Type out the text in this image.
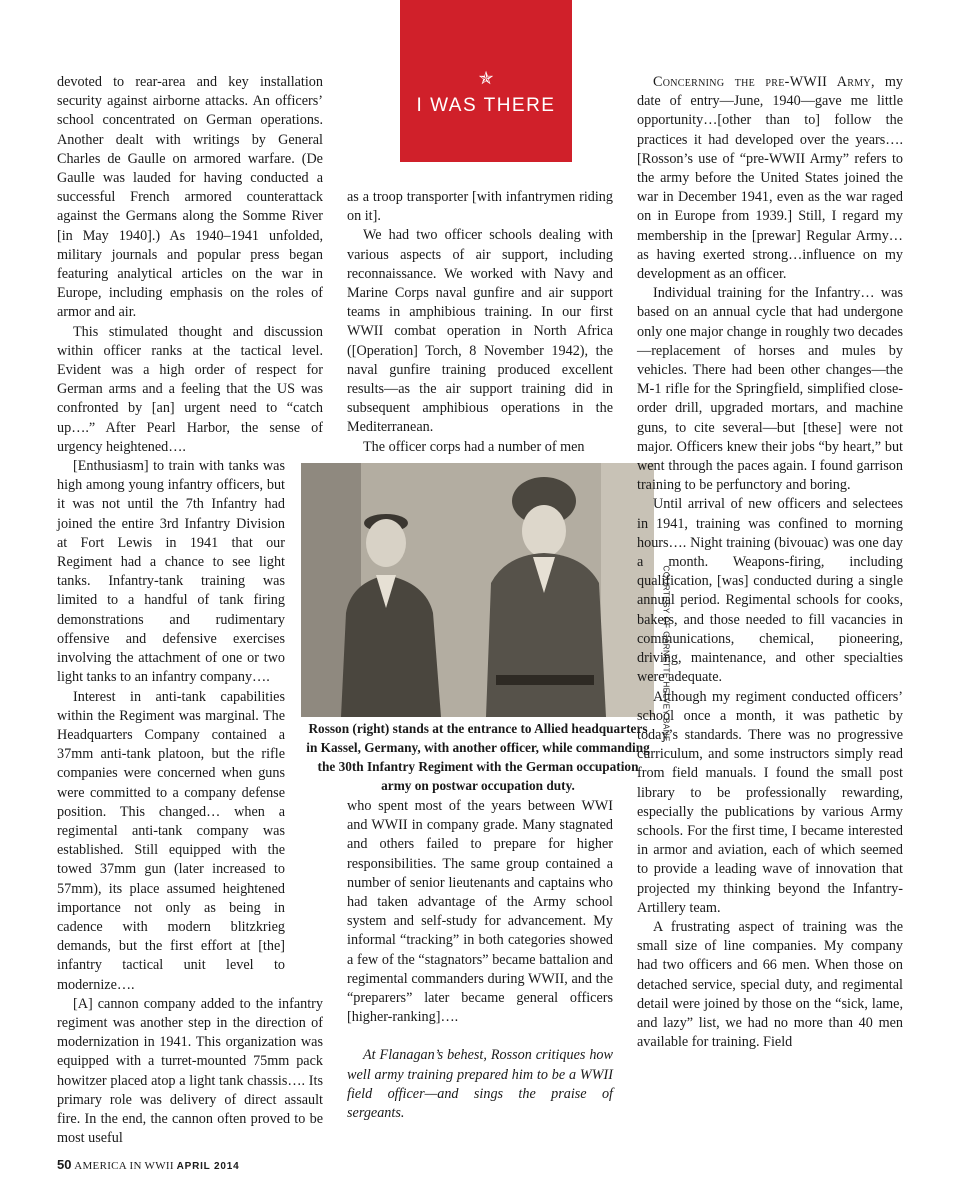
✯
I WAS THERE

devoted to rear-area and key installation security against airborne attacks. An officers’ school concentrated on German operations. Another dealt with writings by General Charles de Gaulle on armored warfare. (De Gaulle was lauded for having conducted a successful French armored counterattack against the Germans along the Somme River [in May 1940].) As 1940–1941 unfolded, military journals and popular press began featuring analytical articles on the war in Europe, including emphasis on the roles of armor and air.

This stimulated thought and discussion within officer ranks at the tactical level. Evident was a high order of respect for German arms and a feeling that the US was confronted by [an] urgent need to “catch up….” After Pearl Harbor, the sense of urgency heightened….

[Enthusiasm] to train with tanks was high among young infantry officers, but it was not until the 7th Infantry had joined the entire 3rd Infantry Division at Fort Lewis in 1941 that our Regiment had a chance to see light tanks. Infantry-tank training was limited to a handful of tank firing demonstrations and rudimentary offensive and defensive exercises involving the attachment of one or two light tanks to an infantry company….

Interest in anti-tank capabilities within the Regiment was marginal. The Headquarters Company contained a 37mm anti-tank platoon, but the rifle companies were concerned when guns were committed to a company defense position. This changed… when a regimental anti-tank company was established. Still equipped with the towed 37mm gun (later increased to 57mm), its place assumed heightened importance not only as being in cadence with modern blitzkrieg demands, but the first effort at [the] infantry tactical unit level to modernize….

[A] cannon company added to the infantry regiment was another step in the direction of modernization in 1941. This organization was equipped with a turret-mounted 75mm pack howitzer placed atop a light tank chassis…. Its primary role was delivery of direct assault fire. In the end, the cannon often proved to be most useful

as a troop transporter [with infantrymen riding on it].

We had two officer schools dealing with various aspects of air support, including reconnaissance. We worked with Navy and Marine Corps naval gunfire and air support teams in amphibious training. In our first WWII combat operation in North Africa ([Operation] Torch, 8 November 1942), the naval gunfire training produced excellent results—as the air support training did in subsequent amphibious operations in the Mediterranean.

The officer corps had a number of men

COURTESY OF GARNETTE HELVEY BANE
Rosson (right) stands at the entrance to Allied headquarters in Kassel, Germany, with another officer, while commanding the 30th Infantry Regiment with the German occupation army on postwar occupation duty.

who spent most of the years between WWI and WWII in company grade. Many stagnated and others failed to prepare for higher responsibilities. The same group contained a number of senior lieutenants and captains who had taken advantage of the Army school system and self-study for advancement. My informal “tracking” in both categories showed a few of the “stagnators” became battalion and regimental commanders during WWII, and the “preparers” later became general officers [higher-ranking]….

At Flanagan’s behest, Rosson critiques how well army training prepared him to be a WWII field officer—and sings the praise of sergeants.

Concerning the pre-WWII Army, my date of entry—June, 1940—gave me little opportunity…[other than to] follow the practices it had developed over the years…. [Rosson’s use of “pre-WWII Army” refers to the army before the United States joined the war in December 1941, even as the war raged on in Europe from 1939.] Still, I regard my membership in the [prewar] Regular Army…as having exerted strong…influence on my development as an officer.

Individual training for the Infantry… was based on an annual cycle that had undergone only one major change in roughly two decades—replacement of horses and mules by vehicles. There had been other changes—the M-1 rifle for the Springfield, simplified close-order drill, upgraded mortars, and machine guns, to cite several—but [these] were not major. Officers knew their jobs “by heart,” but went through the paces again. I found garrison training to be perfunctory and boring.

Until arrival of new officers and selectees in 1941, training was confined to morning hours…. Night training (bivouac) was one day a month. Weapons-firing, including qualification, [was] conducted during a single annual period. Regimental schools for cooks, bakers, and those needed to fill vacancies in communications, chemical, pioneering, driving, maintenance, and other specialties were adequate.

Although my regiment conducted officers’ school once a month, it was pathetic by today’s standards. There was no progressive curriculum, and some instructors simply read from field manuals. I found the small post library to be professionally rewarding, especially the publications by various Army schools. For the first time, I became interested in armor and aviation, each of which seemed to provide a leading wave of innovation that projected my thinking beyond the Infantry-Artillery team.

A frustrating aspect of training was the small size of line companies. My company had two officers and 66 men. When those on detached service, special duty, and regimental detail were joined by those on the “sick, lame, and lazy” list, we had no more than 40 men available for training. Field

50 AMERICA IN WWII APRIL 2014
